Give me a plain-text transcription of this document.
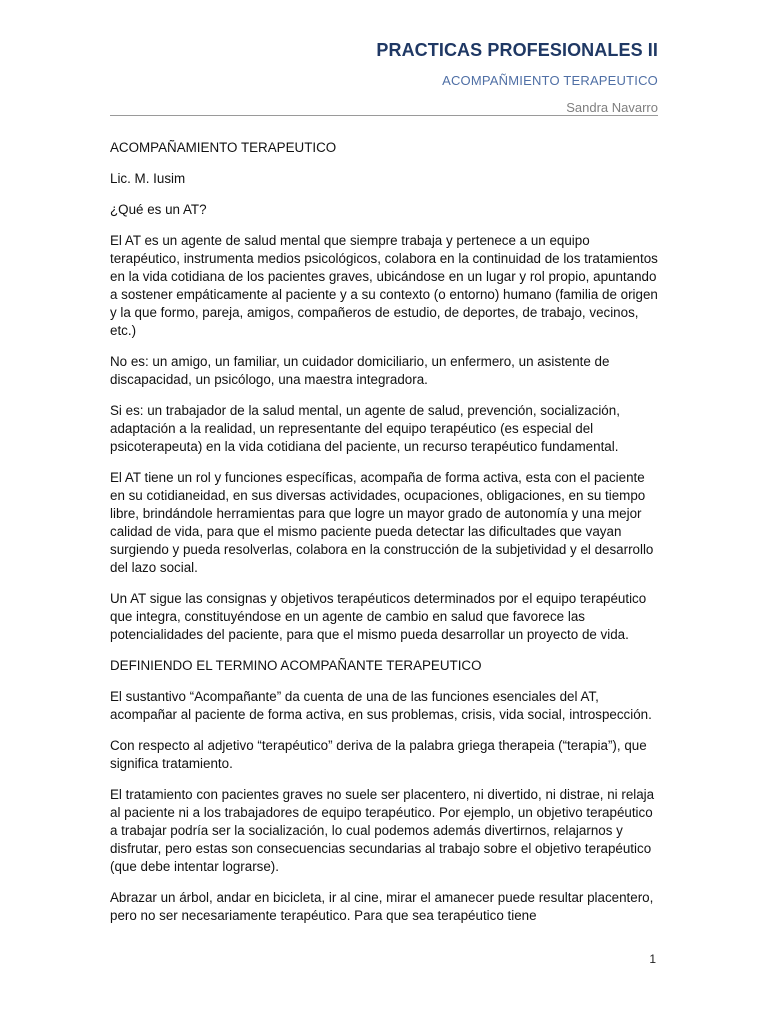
PRACTICAS PROFESIONALES II
ACOMPAÑMIENTO TERAPEUTICO
Sandra Navarro

ACOMPAÑAMIENTO TERAPEUTICO

Lic. M. Iusim

¿Qué es un AT?

El AT es un agente de salud mental que siempre trabaja y pertenece a un equipo terapéutico, instrumenta medios psicológicos, colabora en la continuidad de los tratamientos en la vida cotidiana de los pacientes graves, ubicándose en un lugar y rol propio, apuntando a sostener empáticamente al paciente y a su contexto (o entorno) humano (familia de origen y la que formo, pareja, amigos, compañeros de estudio, de deportes, de trabajo, vecinos, etc.)

No es: un amigo, un familiar, un cuidador domiciliario, un enfermero, un asistente de discapacidad, un psicólogo, una maestra integradora.

Si es: un trabajador de la salud mental, un agente de salud, prevención, socialización, adaptación a la realidad, un representante del equipo terapéutico (es especial del psicoterapeuta) en la vida cotidiana del paciente, un recurso terapéutico fundamental.

El AT tiene un rol y funciones específicas, acompaña de forma activa, esta con el paciente en su cotidianeidad, en sus diversas actividades, ocupaciones, obligaciones, en su tiempo libre, brindándole herramientas para que logre un mayor grado de autonomía y una mejor calidad de vida, para que el mismo paciente pueda detectar las dificultades que vayan surgiendo y pueda resolverlas, colabora en la construcción de la subjetividad y el desarrollo del lazo social.

Un AT sigue las consignas y objetivos terapéuticos determinados por el equipo terapéutico que integra, constituyéndose en un agente de cambio en salud que favorece las potencialidades del paciente, para que el mismo pueda desarrollar un proyecto de vida.

DEFINIENDO EL TERMINO ACOMPAÑANTE TERAPEUTICO

El sustantivo “Acompañante” da cuenta de una de las funciones esenciales del AT, acompañar al paciente de forma activa, en sus problemas, crisis, vida social, introspección.

Con respecto al adjetivo “terapéutico” deriva de la palabra griega therapeia (“terapia”), que significa tratamiento.

El tratamiento con pacientes graves no suele ser placentero, ni divertido, ni distrae, ni relaja al paciente ni a los trabajadores de equipo terapéutico. Por ejemplo, un objetivo terapéutico a trabajar podría ser la socialización, lo cual podemos además divertirnos, relajarnos y disfrutar, pero estas son consecuencias secundarias al trabajo sobre el objetivo terapéutico (que debe intentar lograrse).

Abrazar un árbol, andar en bicicleta, ir al cine, mirar el amanecer puede resultar placentero, pero no ser necesariamente terapéutico. Para que sea terapéutico tiene

1
